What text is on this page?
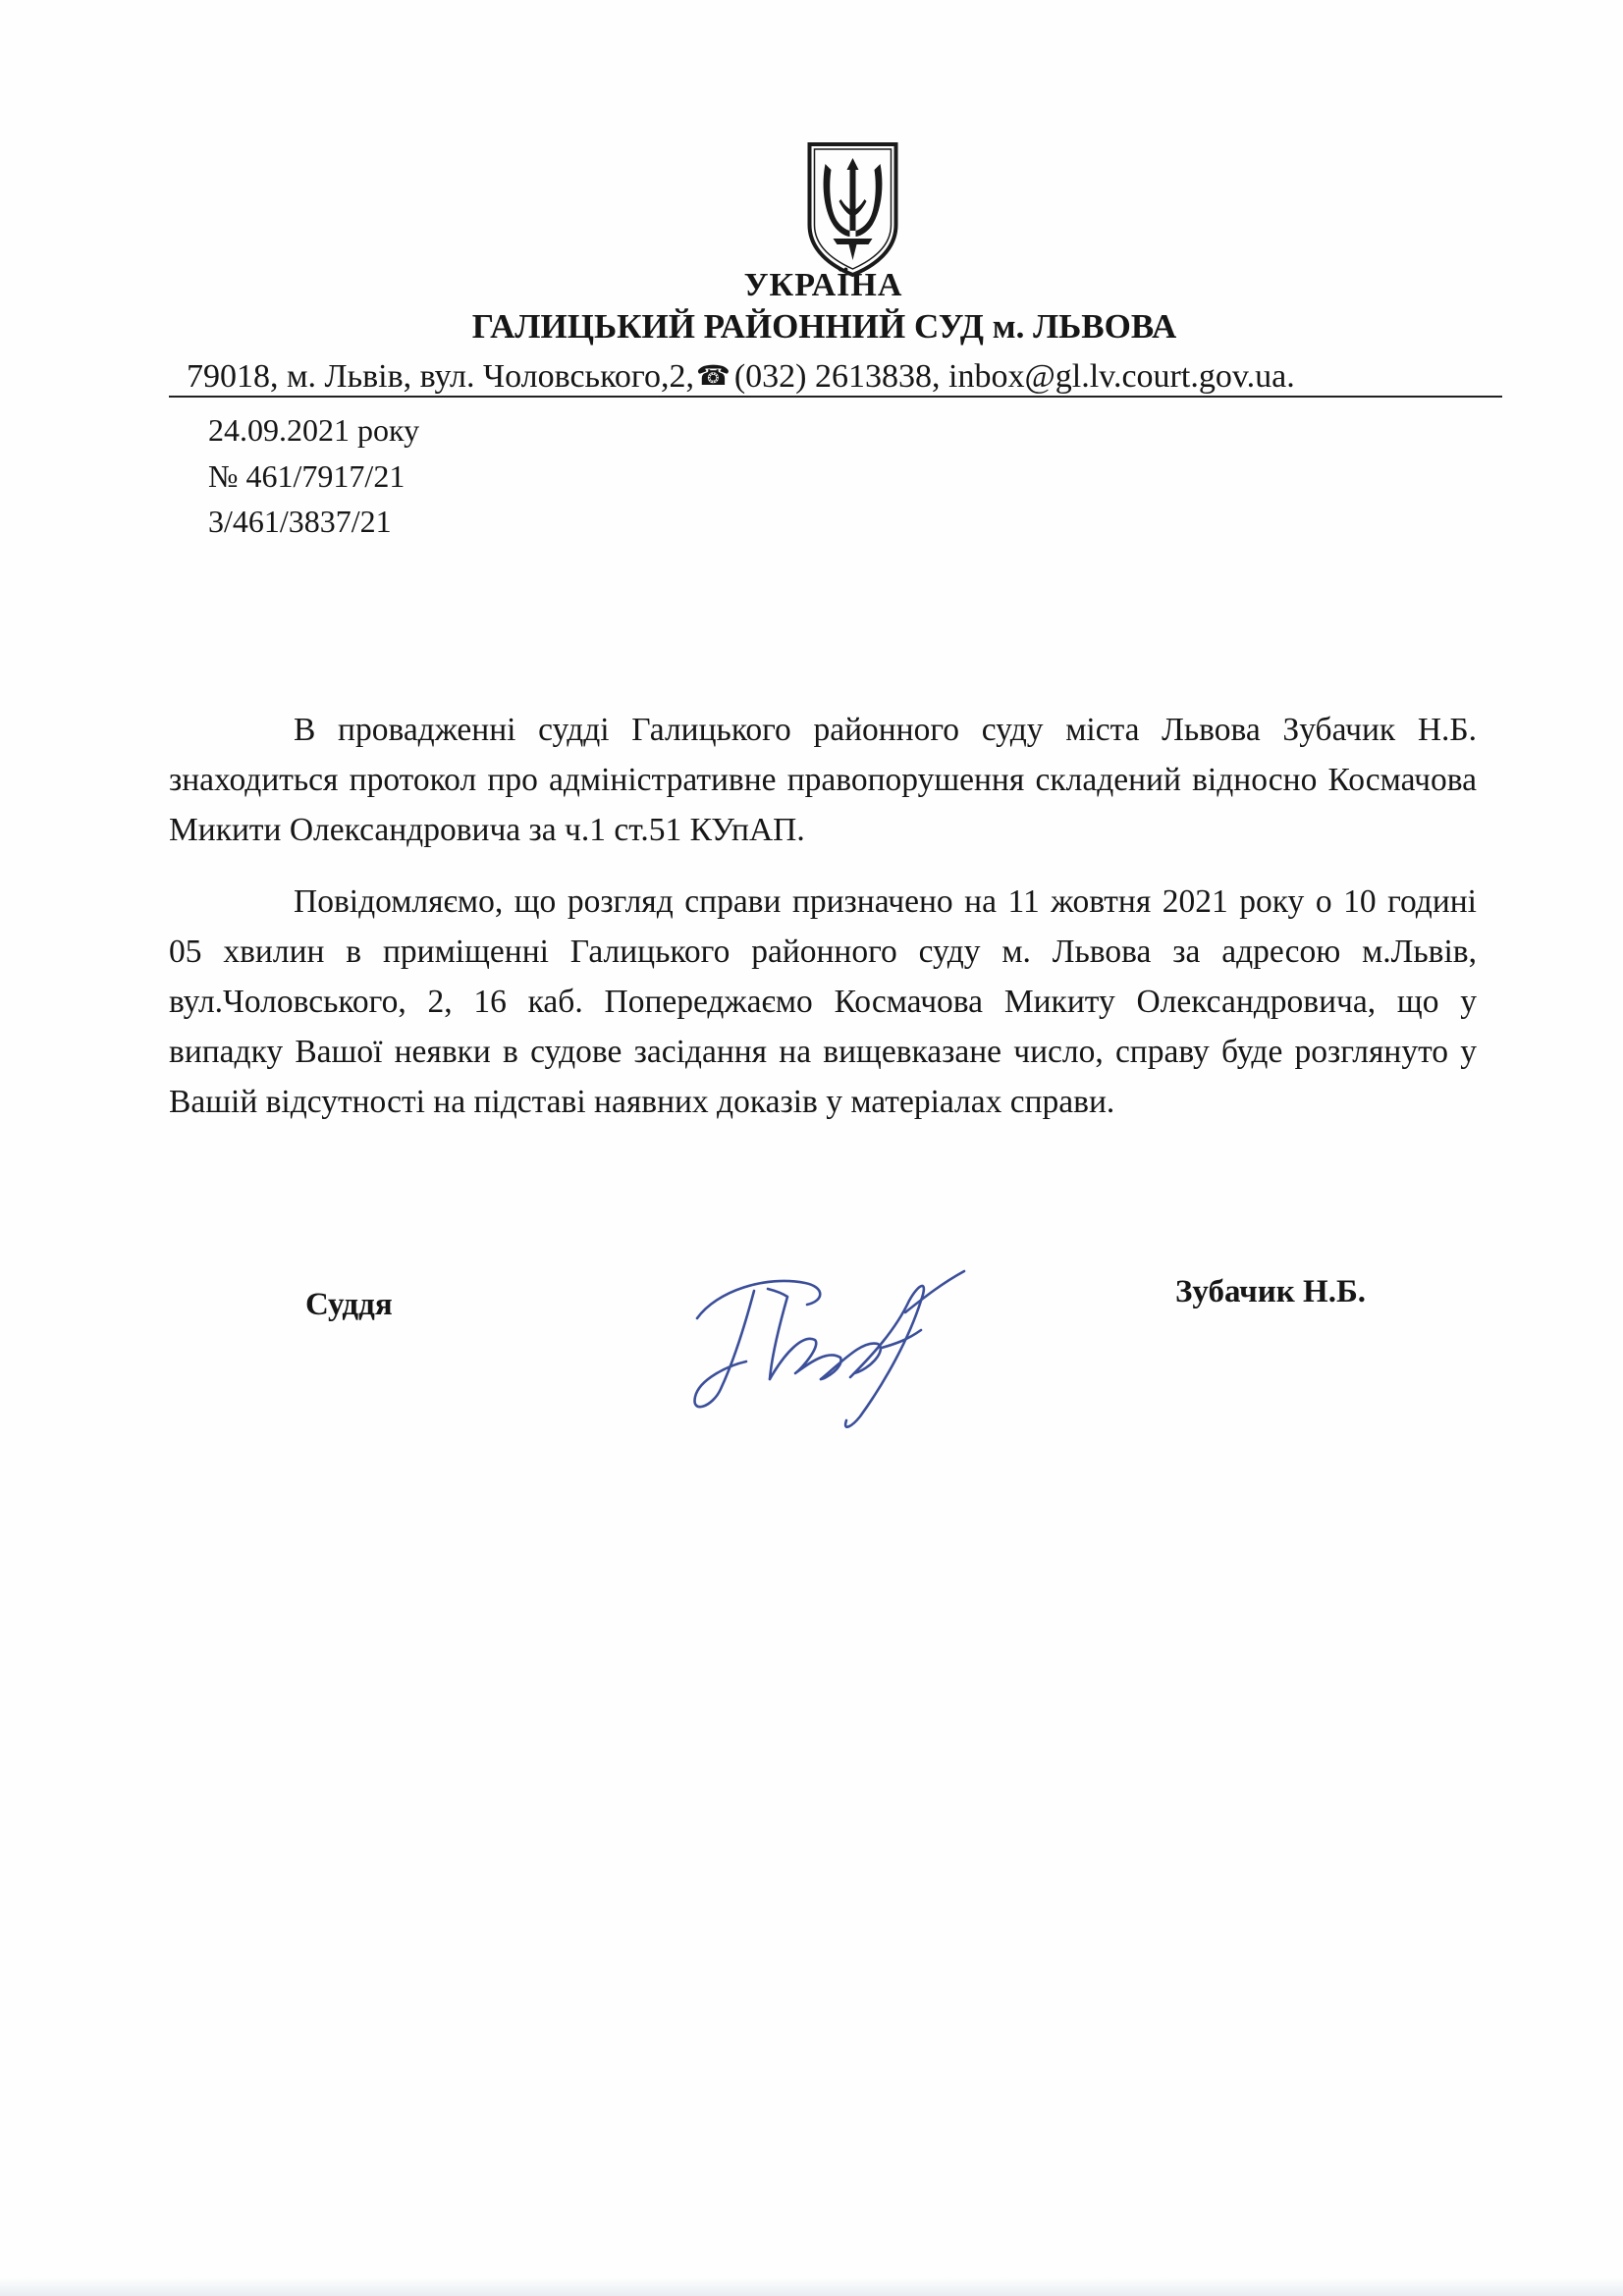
УКРАЇНА
ГАЛИЦЬКИЙ РАЙОННИЙ СУД м. ЛЬВОВА
79018, м. Львів, вул. Чоловського,2,☎ (032) 2613838, inbox@gl.lv.court.gov.ua.
24.09.2021 року
№ 461/7917/21
3/461/3837/21

В провадженні судді Галицького районного суду міста Львова Зубачик Н.Б. знаходиться протокол про адміністративне правопорушення складений відносно Космачова Микити Олександровича за ч.1 ст.51 КУпАП.

Повідомляємо, що розгляд справи призначено на 11 жовтня 2021 року о 10 годині 05 хвилин в приміщенні Галицького районного суду м. Львова за адресою м.Львів, вул.Чоловського, 2, 16 каб. Попереджаємо Космачова Микиту Олександровича, що у випадку Вашої неявки в судове засідання на вищевказане число, справу буде розглянуто у Вашій відсутності на підставі наявних доказів у матеріалах справи.

Суддя	Зубачик Н.Б.
